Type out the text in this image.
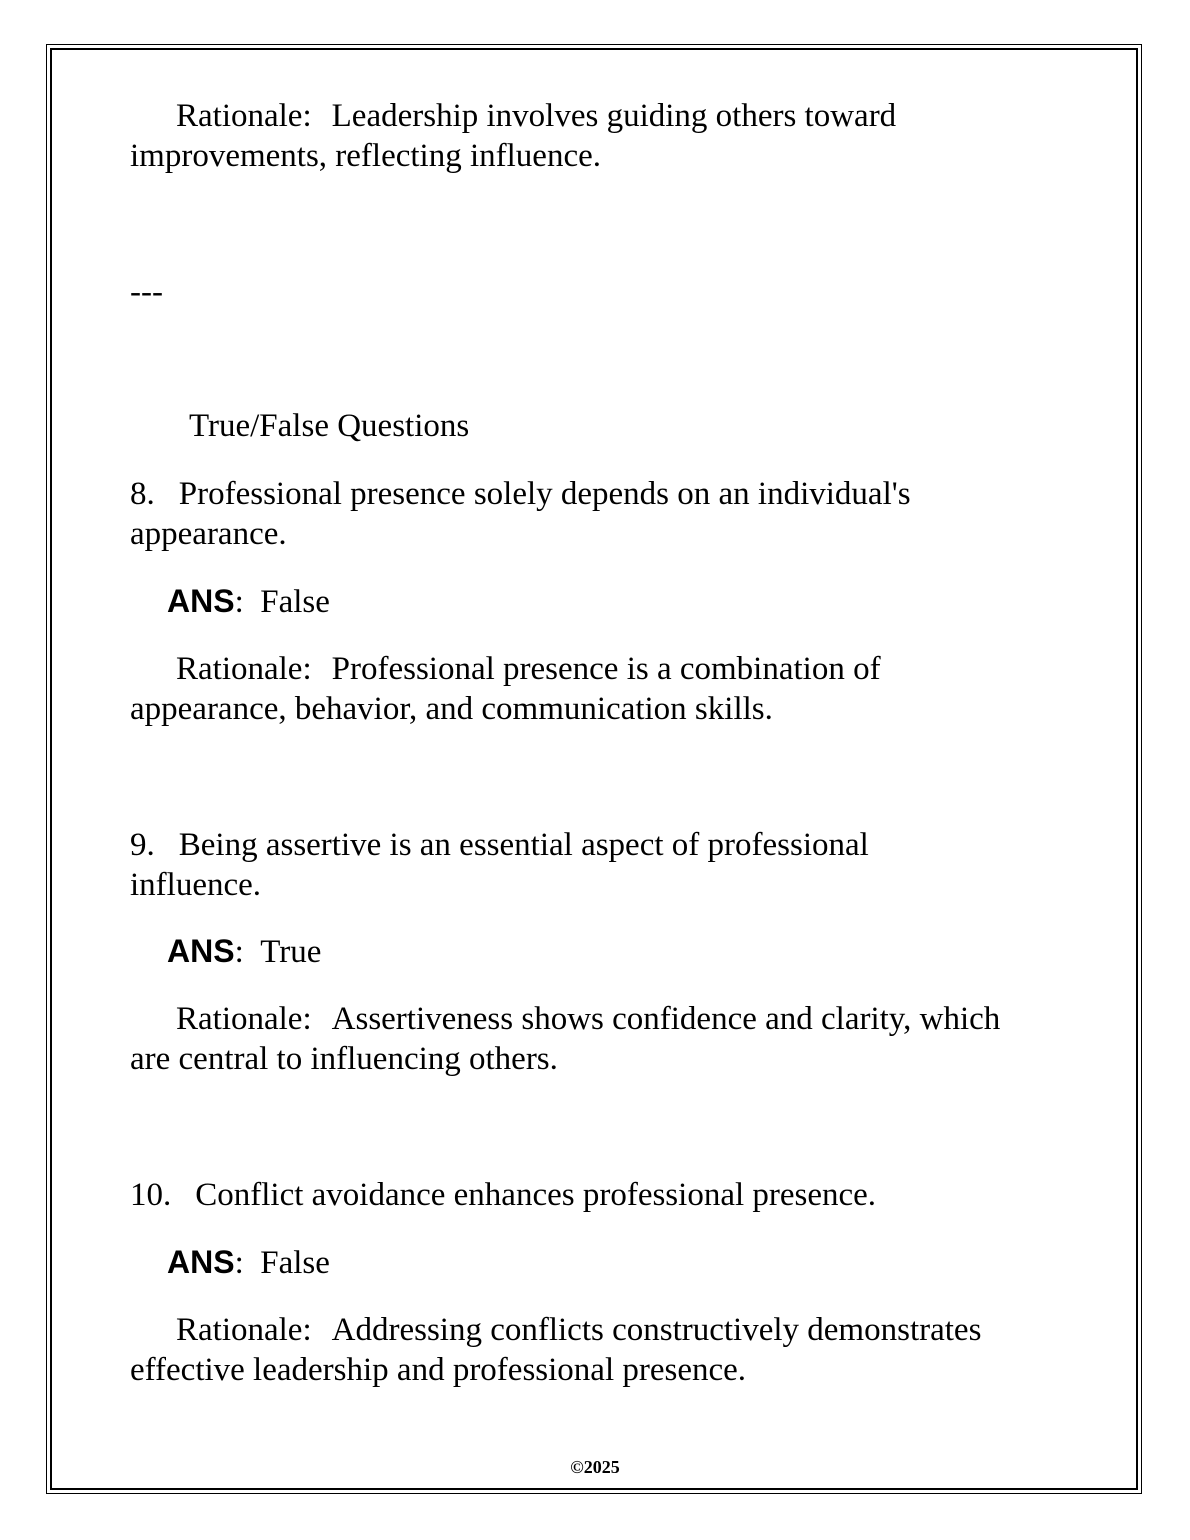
Rationale: Leadership involves guiding others toward
improvements, reflecting influence.
---
True/False Questions
8. Professional presence solely depends on an individual's
appearance.
ANS:  False
Rationale: Professional presence is a combination of
appearance, behavior, and communication skills.
9. Being assertive is an essential aspect of professional
influence.
ANS:  True
Rationale: Assertiveness shows confidence and clarity, which
are central to influencing others.
10. Conflict avoidance enhances professional presence.
ANS:  False
Rationale: Addressing conflicts constructively demonstrates
effective leadership and professional presence.
©2025
